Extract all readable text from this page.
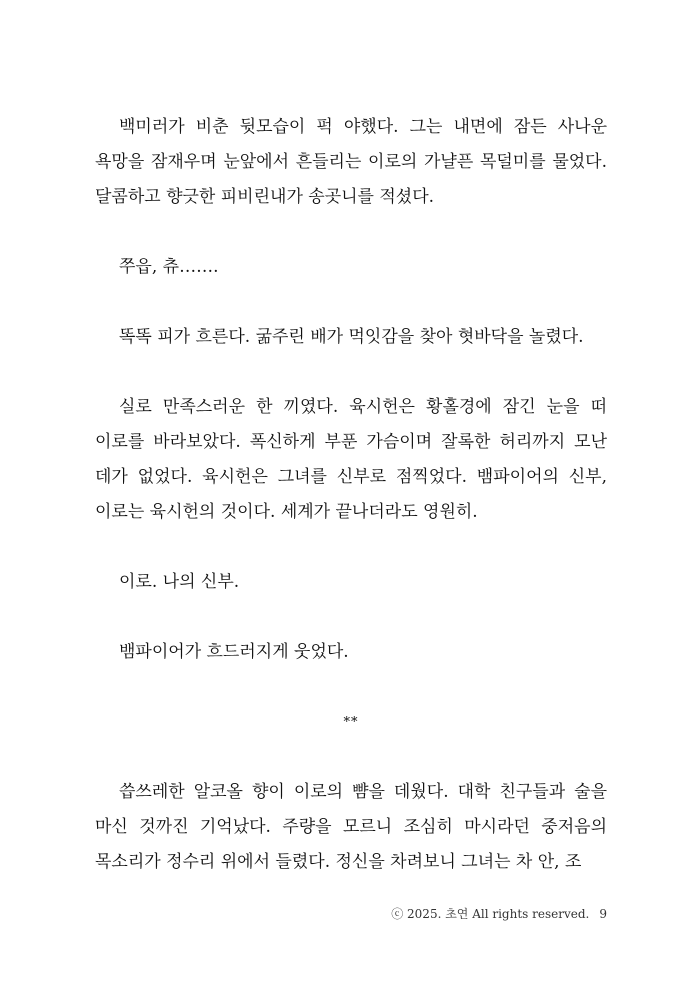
백미러가 비춘 뒷모습이 퍽 야했다. 그는 내면에 잠든 사나운 욕망을 잠재우며 눈앞에서 흔들리는 이로의 가냘픈 목덜미를 물었다. 달콤하고 향긋한 피비린내가 송곳니를 적셨다.

쭈읍, 츄…….

똑똑 피가 흐른다. 굶주린 배가 먹잇감을 찾아 혓바닥을 놀렸다.

실로 만족스러운 한 끼였다. 육시헌은 황홀경에 잠긴 눈을 떠 이로를 바라보았다. 폭신하게 부푼 가슴이며 잘록한 허리까지 모난 데가 없었다. 육시헌은 그녀를 신부로 점찍었다. 뱀파이어의 신부, 이로는 육시헌의 것이다. 세계가 끝나더라도 영원히.

이로. 나의 신부.

뱀파이어가 흐드러지게 웃었다.

**

씁쓰레한 알코올 향이 이로의 뺨을 데웠다. 대학 친구들과 술을 마신 것까진 기억났다. 주량을 모르니 조심히 마시라던 중저음의 목소리가 정수리 위에서 들렸다. 정신을 차려보니 그녀는 차 안, 조

ⓒ 2025. 초연 All rights reserved. 9
